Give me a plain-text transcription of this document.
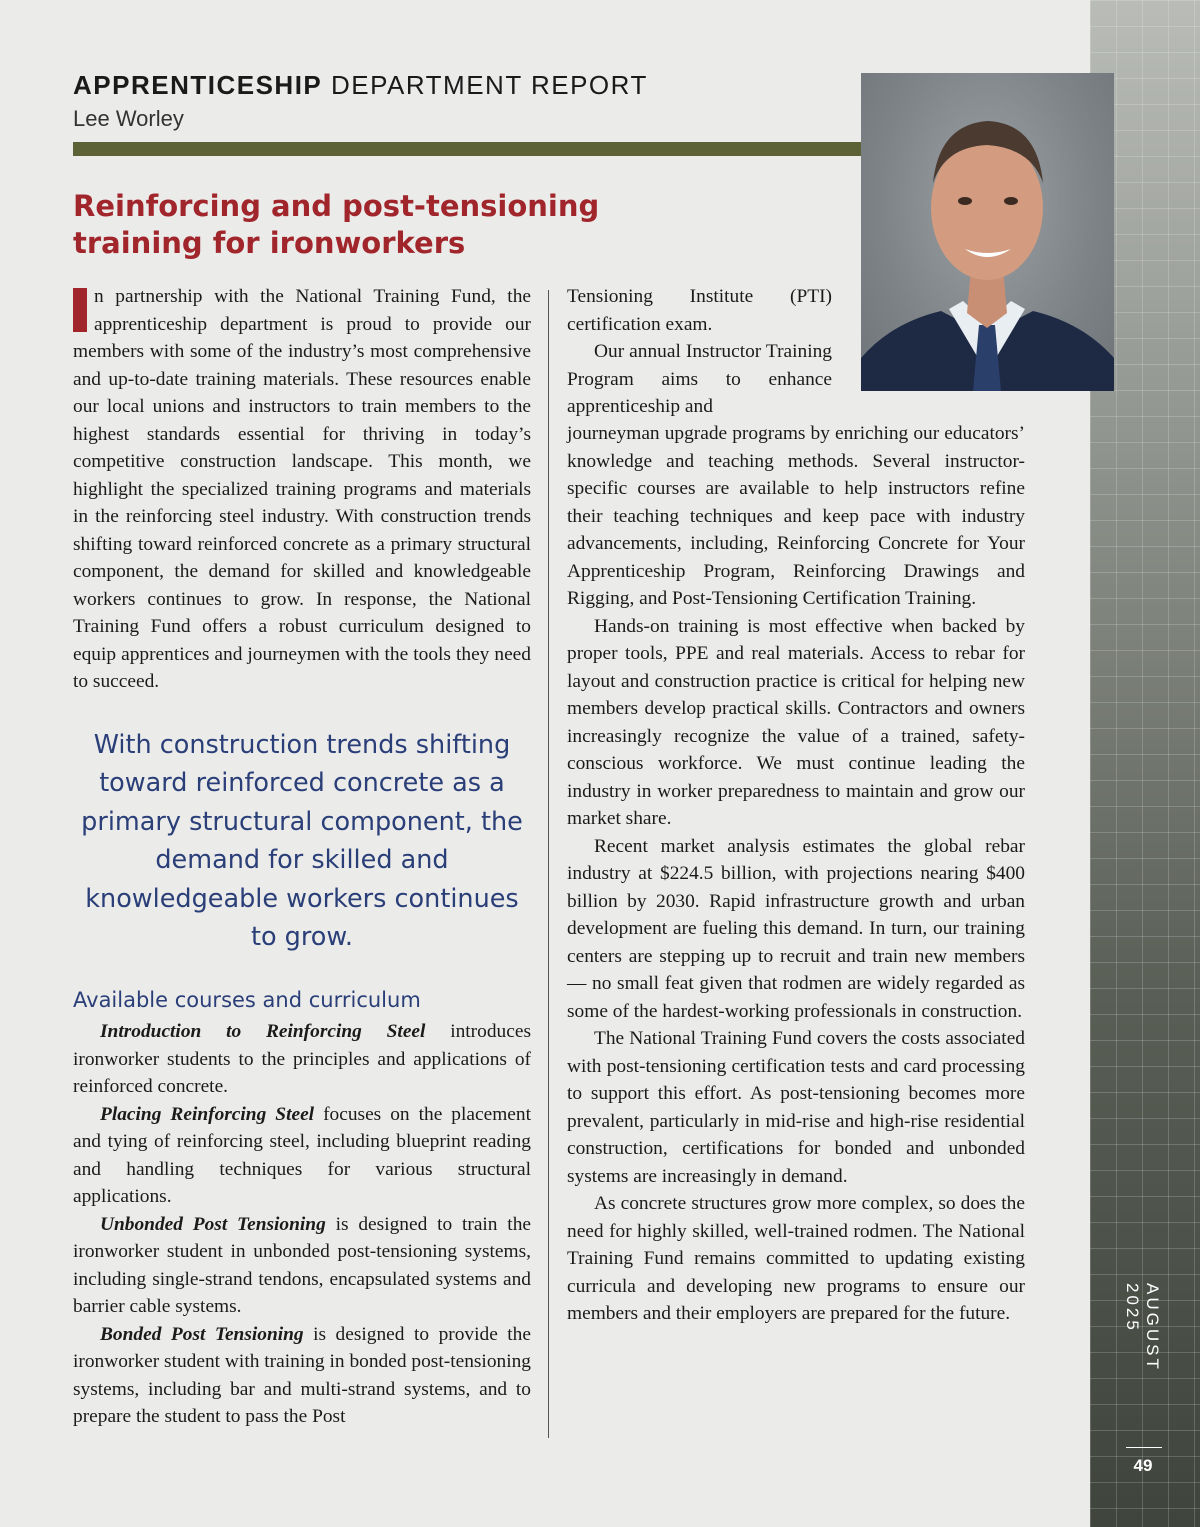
AUGUST 2025
49
APPRENTICESHIP DEPARTMENT REPORT
Lee Worley
Reinforcing and post-tensioning
training for ironworkers

n partnership with the National Training Fund, the apprenticeship department is proud to provide our members with some of the industry’s most comprehensive and up-to-date training materials. These resources enable our local unions and instructors to train members to the highest standards essential for thriving in today’s competitive construction landscape. This month, we highlight the specialized training programs and materials in the reinforcing steel industry. With construction trends shifting toward reinforced concrete as a primary structural component, the demand for skilled and knowledgeable workers continues to grow. In response, the National Training Fund offers a robust curriculum designed to equip apprentices and journeymen with the tools they need to succeed.

With construction trends shifting toward reinforced concrete as a primary structural component, the demand for skilled and knowledgeable workers continues to grow.
Available courses and curriculum

Introduction to Reinforcing Steel introduces ironworker students to the principles and applications of reinforced concrete.

Placing Reinforcing Steel focuses on the placement and tying of reinforcing steel, including blueprint reading and handling techniques for various structural applications.

Unbonded Post Tensioning is designed to train the ironworker student in unbonded post-tensioning systems, including single-strand tendons, encapsulated systems and barrier cable systems.

Bonded Post Tensioning is designed to provide the ironworker student with training in bonded post-tensioning systems, including bar and multi-strand systems, and to prepare the student to pass the Post

Tensioning Institute (PTI) certification exam.

Our annual Instructor Training Program aims to enhance apprenticeship and

journeyman upgrade programs by enriching our educators’ knowledge and teaching methods. Several instructor-specific courses are available to help instructors refine their teaching techniques and keep pace with industry advancements, including, Reinforcing Concrete for Your Apprenticeship Program, Reinforcing Drawings and Rigging, and Post-Tensioning Certification Training.

Hands-on training is most effective when backed by proper tools, PPE and real materials. Access to rebar for layout and construction practice is critical for helping new members develop practical skills. Contractors and owners increasingly recognize the value of a trained, safety-conscious workforce. We must continue leading the industry in worker preparedness to maintain and grow our market share.

Recent market analysis estimates the global rebar industry at $224.5 billion, with projections nearing $400 billion by 2030. Rapid infrastructure growth and urban development are fueling this demand. In turn, our training centers are stepping up to recruit and train new members — no small feat given that rodmen are widely regarded as some of the hardest-working professionals in construction.

The National Training Fund covers the costs associated with post-tensioning certification tests and card processing to support this effort. As post-tensioning becomes more prevalent, particularly in mid-rise and high-rise residential construction, certifications for bonded and unbonded systems are increasingly in demand.

As concrete structures grow more complex, so does the need for highly skilled, well-trained rodmen. The National Training Fund remains committed to updating existing curricula and developing new programs to ensure our members and their employers are prepared for the future.
